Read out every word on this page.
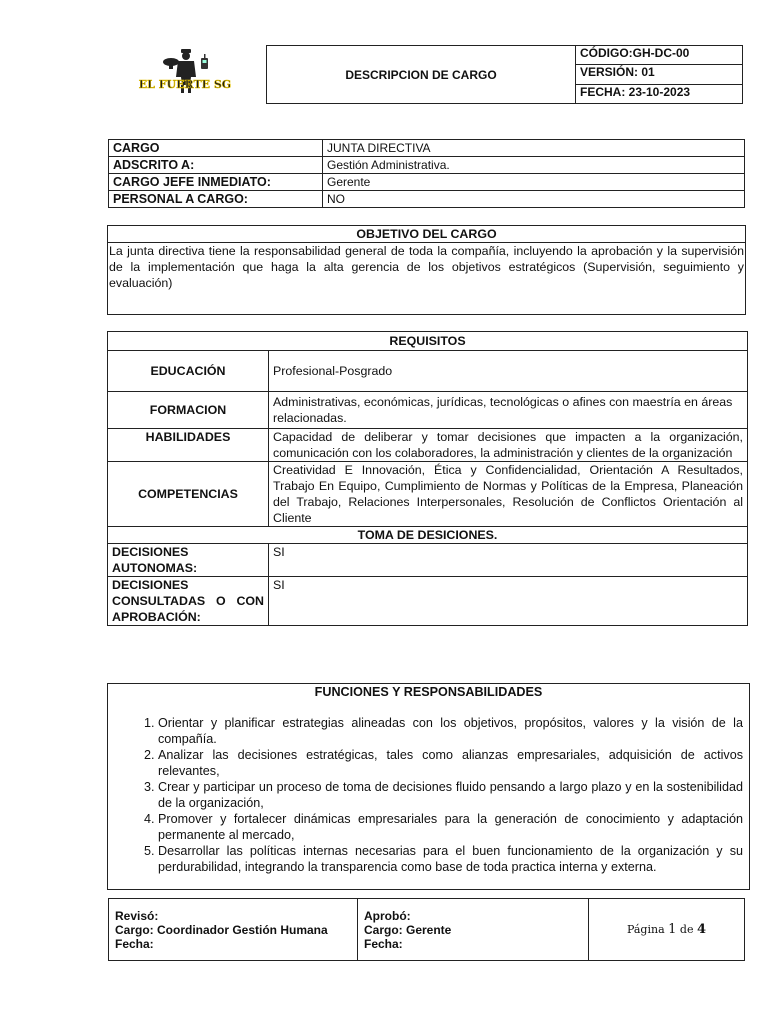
EL FUERTE SG
DESCRIPCION DE CARGO	CÓDIGO:GH-DC-00
VERSIÓN: 01
FECHA: 23-10-2023
CARGO	JUNTA DIRECTIVA
ADSCRITO A:	Gestión Administrativa.
CARGO JEFE INMEDIATO:	Gerente
PERSONAL A CARGO:	NO
OBJETIVO DEL CARGO
La junta directiva tiene la responsabilidad general de toda la compañía, incluyendo la aprobación y la supervisión de la implementación que haga la alta gerencia de los objetivos estratégicos (Supervisión, seguimiento y evaluación)
REQUISITOS	
EDUCACIÓN	Profesional-Posgrado
FORMACION	Administrativas, económicas, jurídicas, tecnológicas o afines con maestría en áreas relacionadas.
HABILIDADES	Capacidad de deliberar y tomar decisiones que impacten a la organización, comunicación con los colaboradores, la administración y clientes de la organización
COMPETENCIAS	Creatividad E Innovación, Ética y Confidencialidad, Orientación A Resultados, Trabajo En Equipo, Cumplimiento de Normas y Políticas de la Empresa, Planeación del Trabajo, Relaciones Interpersonales, Resolución de Conflictos Orientación al Cliente
TOMA DE DESICIONES.	
DECISIONES AUTONOMAS:	SI
DECISIONES CONSULTADAS O CON APROBACIÓN:	SI
FUNCIONES Y RESPONSABILIDADES
1. Orientar y planificar estrategias alineadas con los objetivos, propósitos, valores y la visión de la compañía.
2. Analizar las decisiones estratégicas, tales como alianzas empresariales, adquisición de activos relevantes,
3. Crear y participar un proceso de toma de decisiones fluido pensando a largo plazo y en la sostenibilidad de la organización,
4. Promover y fortalecer dinámicas empresariales para la generación de conocimiento y adaptación permanente al mercado,
5. Desarrollar las políticas internas necesarias para el buen funcionamiento de la organización y su perdurabilidad, integrando la transparencia como base de toda practica interna y externa.
Revisó:
Cargo: Coordinador Gestión Humana
Fecha:

Aprobó:
Cargo: Gerente
Fecha:
	Página 1 de 4
